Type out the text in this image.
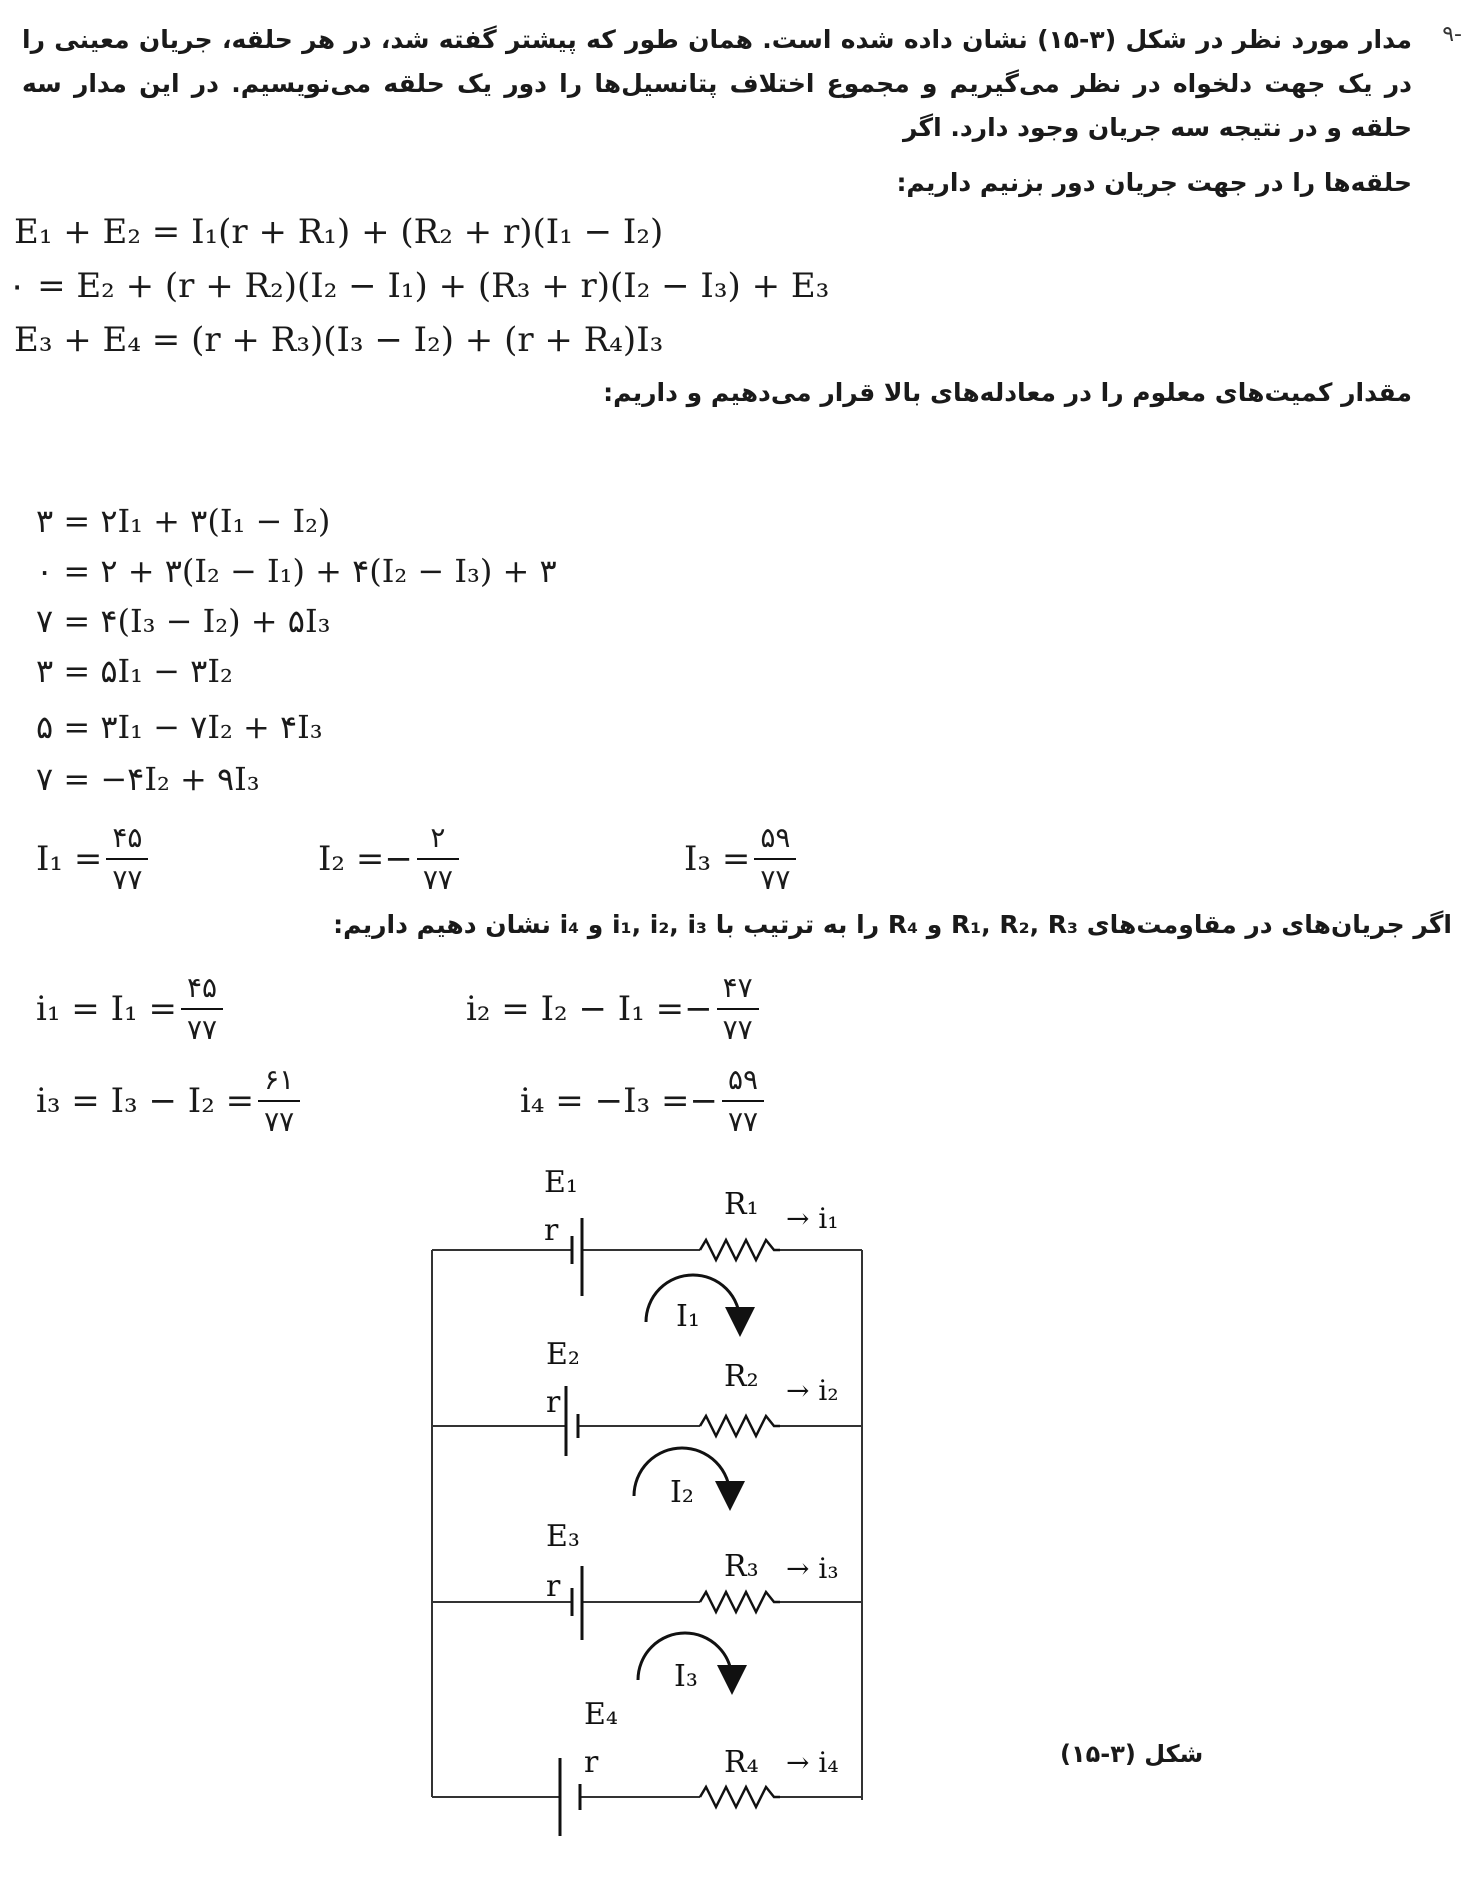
-۹
مدار مورد نظر در شکل (۳-۱۵) نشان داده شده است. همان طور که پیشتر گفته شد، در هر حلقه، جریان معینی را در یک جهت دلخواه در نظر می‌گیریم و مجموع اختلاف پتانسیل‌ها را دور یک حلقه می‌نویسیم. در این مدار سه حلقه و در نتیجه سه جریان وجود دارد. اگر
حلقه‌ها را در جهت جریان دور بزنیم داریم:
E₁ + E₂ = I₁(r + R₁) + (R₂ + r)(I₁ − I₂)
۰ = E₂ + (r + R₂)(I₂ − I₁) + (R₃ + r)(I₂ − I₃) + E₃
E₃ + E₄ = (r + R₃)(I₃ − I₂) + (r + R₄)I₃
مقدار کمیت‌های معلوم را در معادله‌های بالا قرار می‌دهیم و داریم:
۳ = ۲I₁ + ۳(I₁ − I₂)
۰ = ۲ + ۳(I₂ − I₁) + ۴(I₂ − I₃) + ۳
۷ = ۴(I₃ − I₂) + ۵I₃
۳ = ۵I₁ − ۳I₂
۵ = ۳I₁ − ۷I₂ + ۴I₃
۷ = −۴I₂ + ۹I₃
$I_1 = \frac{۴۵}{۷۷}$	$I_2 =- \frac{۲}{۷۷}$	$I_3 = \frac{۵۹}{۷۷}$
اگر جریان‌های در مقاومت‌های R₁, R₂, R₃ و R₄ را به ترتیب با i₁, i₂, i₃ و i₄ نشان دهیم داریم:
$i_1 = I_1 = \frac{۴۵}{۷۷}$	$i_2 = I_2 - I_1 =- \frac{۴۷}{۷۷}$
$i_3 = I_3 - I_2 = \frac{۶۱}{۷۷}$	$i_4 = -I_3 =- \frac{۵۹}{۷۷}$
E₁
E₂
E₃
E₄
r
r
r
r
R₁
R₂
R₃
R₄
→ i₁
→ i₂
→ i₃
→ i₄
I₁
I₂
I₃
شکل (۳-۱۵)
